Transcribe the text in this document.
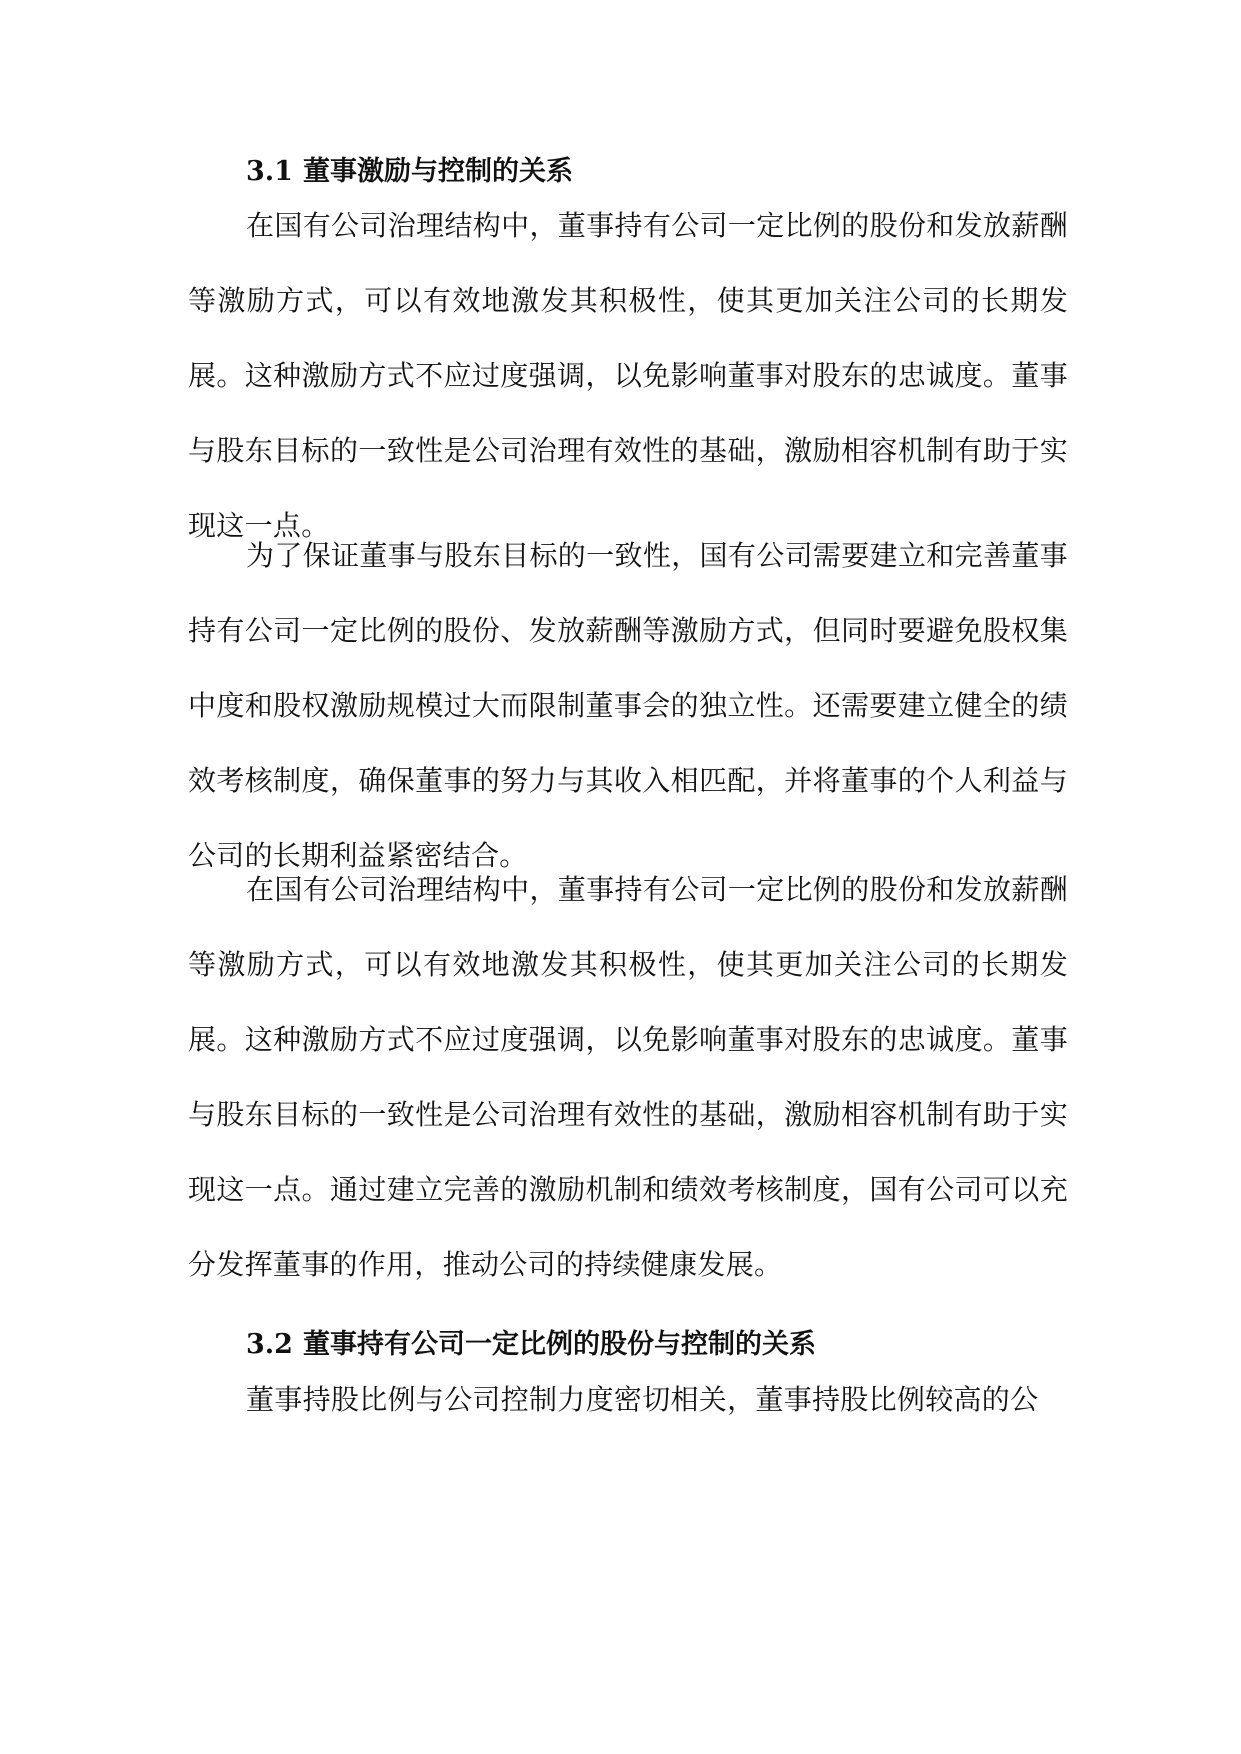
3.1 董事激励与控制的关系

在国有公司治理结构中，董事持有公司一定比例的股份和发放薪酬等激励方式，可以有效地激发其积极性，使其更加关注公司的长期发展。这种激励方式不应过度强调，以免影响董事对股东的忠诚度。董事与股东目标的一致性是公司治理有效性的基础，激励相容机制有助于实现这一点。

为了保证董事与股东目标的一致性，国有公司需要建立和完善董事持有公司一定比例的股份、发放薪酬等激励方式，但同时要避免股权集中度和股权激励规模过大而限制董事会的独立性。还需要建立健全的绩效考核制度，确保董事的努力与其收入相匹配，并将董事的个人利益与公司的长期利益紧密结合。

在国有公司治理结构中，董事持有公司一定比例的股份和发放薪酬等激励方式，可以有效地激发其积极性，使其更加关注公司的长期发展。这种激励方式不应过度强调，以免影响董事对股东的忠诚度。董事与股东目标的一致性是公司治理有效性的基础，激励相容机制有助于实现这一点。通过建立完善的激励机制和绩效考核制度，国有公司可以充分发挥董事的作用，推动公司的持续健康发展。

3.2 董事持有公司一定比例的股份与控制的关系

董事持股比例与公司控制力度密切相关，董事持股比例较高的公
